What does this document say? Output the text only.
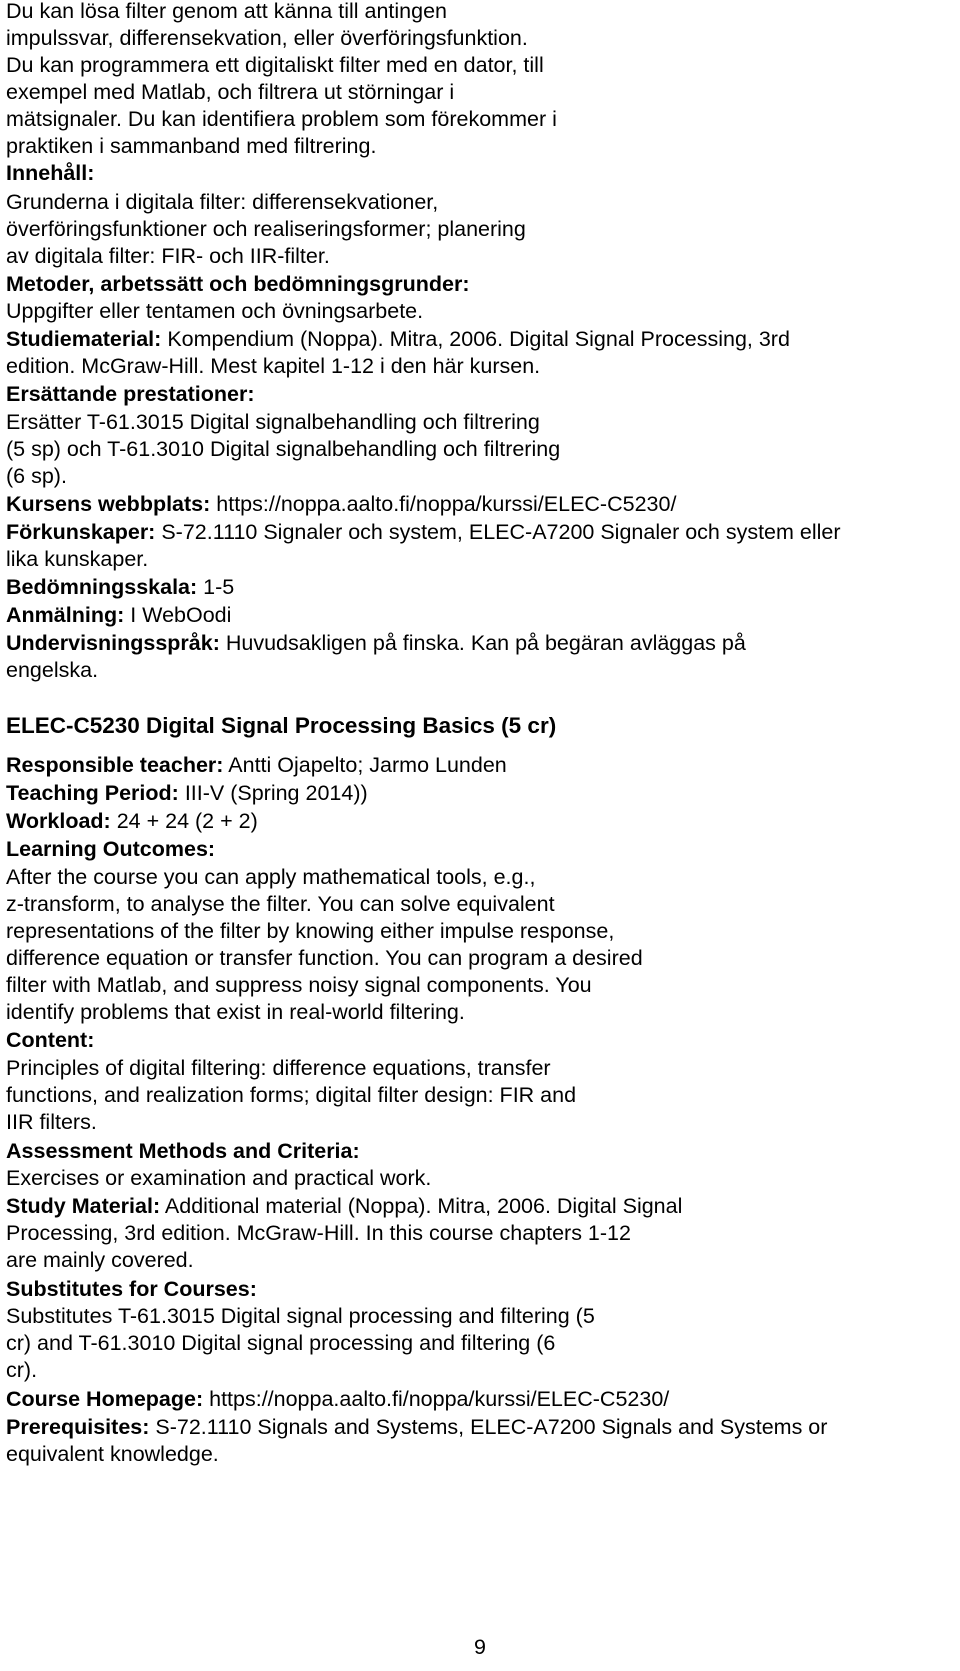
Du kan lösa filter genom att känna till antingen
impulssvar, differensekvation, eller överföringsfunktion.
Du kan programmera ett digitaliskt filter med en dator, till
exempel med Matlab, och filtrera ut störningar i
mätsignaler. Du kan identifiera problem som förekommer i
praktiken i sammanband med filtrering.
Innehåll:
Grunderna i digitala filter: differensekvationer,
överföringsfunktioner och realiseringsformer; planering
av digitala filter: FIR- och IIR-filter.
Metoder, arbetssätt och bedömningsgrunder:
Uppgifter eller tentamen och övningsarbete.
Studiematerial: Kompendium (Noppa). Mitra, 2006. Digital Signal Processing, 3rd
edition. McGraw-Hill. Mest kapitel 1-12 i den här kursen.
Ersättande prestationer:
Ersätter T-61.3015 Digital signalbehandling och filtrering
(5 sp) och T-61.3010 Digital signalbehandling och filtrering
(6 sp).
Kursens webbplats: https://noppa.aalto.fi/noppa/kurssi/ELEC-C5230/
Förkunskaper: S-72.1110 Signaler och system, ELEC-A7200 Signaler och system eller
lika kunskaper.
Bedömningsskala: 1-5
Anmälning: I WebOodi
Undervisningsspråk: Huvudsakligen på finska. Kan på begäran avläggas på
engelska.
ELEC-C5230 Digital Signal Processing Basics (5 cr)
Responsible teacher: Antti Ojapelto; Jarmo Lunden
Teaching Period: III-V (Spring 2014))
Workload: 24 + 24 (2 + 2)
Learning Outcomes:
After the course you can apply mathematical tools, e.g.,
z-transform, to analyse the filter. You can solve equivalent
representations of the filter by knowing either impulse response,
difference equation or transfer function. You can program a desired
filter with Matlab, and suppress noisy signal components. You
identify problems that exist in real-world filtering.
Content:
Principles of digital filtering: difference equations, transfer
functions, and realization forms; digital filter design: FIR and
IIR filters.
Assessment Methods and Criteria:
Exercises or examination and practical work.
Study Material: Additional material (Noppa). Mitra, 2006. Digital Signal
Processing, 3rd edition. McGraw-Hill. In this course chapters 1-12
are mainly covered.
Substitutes for Courses:
Substitutes T-61.3015 Digital signal processing and filtering (5
cr) and T-61.3010 Digital signal processing and filtering (6
cr).
Course Homepage: https://noppa.aalto.fi/noppa/kurssi/ELEC-C5230/
Prerequisites: S-72.1110 Signals and Systems, ELEC-A7200 Signals and Systems or
equivalent knowledge.
9
